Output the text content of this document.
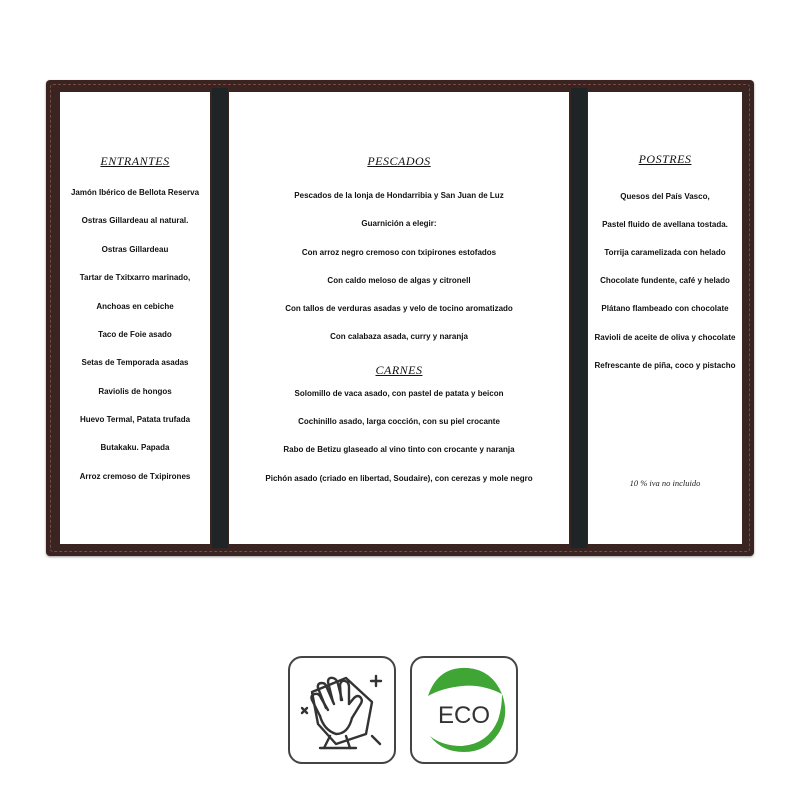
ENTRANTES
Jamón Ibérico de Bellota Reserva
Ostras Gillardeau al natural.
Ostras Gillardeau
Tartar de Txitxarro marinado,
Anchoas en cebiche
Taco de Foie asado
Setas de Temporada asadas
Raviolis de hongos
Huevo Termal, Patata trufada
Butakaku. Papada
Arroz cremoso de Txipirones
PESCADOS
Pescados de la lonja de Hondarribia y San Juan de Luz
Guarnición a elegir:
Con arroz negro cremoso con txipirones estofados
Con caldo meloso de algas y citronell
Con tallos de verduras asadas y velo de tocino aromatizado
Con calabaza asada, curry y naranja
CARNES
Solomillo de vaca asado, con pastel de patata y beicon
Cochinillo asado, larga cocción, con su piel crocante
Rabo de Betizu glaseado al vino tinto con crocante y naranja
Pichón asado (criado en libertad, Soudaire), con cerezas y mole negro
POSTRES
Quesos del País Vasco,
Pastel fluido de avellana tostada.
Torrija caramelizada con helado
Chocolate fundente, café y helado
Plátano flambeado con chocolate
Ravioli de aceite de oliva y chocolate
Refrescante de piña, coco y pistacho
10 % iva no incluido
ECO
